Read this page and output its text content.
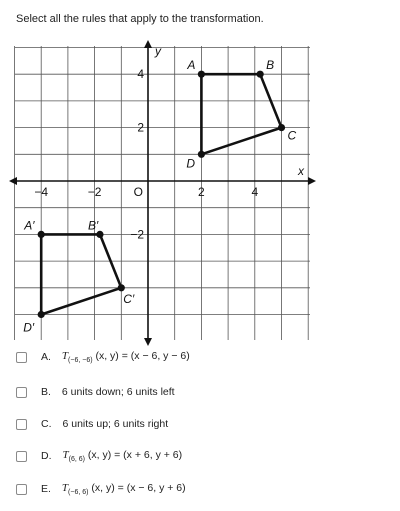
Select all the rules that apply to the transformation.
x
y
−4	−2	2	4
4
2
−2
O
A	B
C
D
A′	B′
C′
D′
A. $T_{(-6, -6)}$ (x, y) = (x − 6, y − 6)
B. 6 units down; 6 units left
C. 6 units up; 6 units right
D. $T_{(6, 6)}$ (x, y) = (x + 6, y + 6)
E. $T_{(-6, 6)}$ (x, y) = (x − 6, y + 6)
